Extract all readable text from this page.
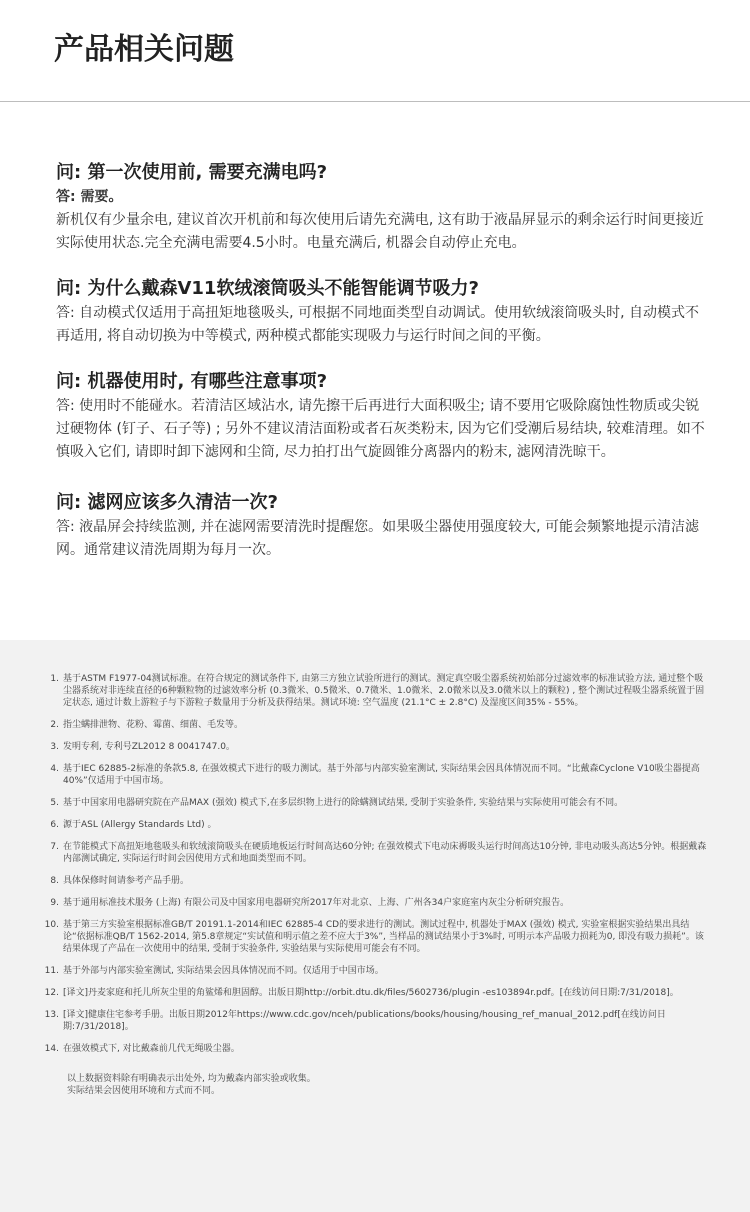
产品相关问题

问: 第一次使用前, 需要充满电吗?

答: 需要。

新机仅有少量余电, 建议首次开机前和每次使用后请先充满电, 这有助于液晶屏显示的剩余运行时间更接近实际使用状态.完全充满电需要4.5小时。电量充满后, 机器会自动停止充电。

问: 为什么戴森V11软绒滚筒吸头不能智能调节吸力?

答: 自动模式仅适用于高扭矩地毯吸头, 可根据不同地面类型自动调试。使用软绒滚筒吸头时, 自动模式不再适用, 将自动切换为中等模式, 两种模式都能实现吸力与运行时间之间的平衡。

问: 机器使用时, 有哪些注意事项?

答: 使用时不能碰水。若清洁区域沾水, 请先擦干后再进行大面积吸尘; 请不要用它吸除腐蚀性物质或尖锐过硬物体 (钉子、石子等) ; 另外不建议清洁面粉或者石灰类粉末, 因为它们受潮后易结块, 较难清理。如不慎吸入它们, 请即时卸下滤网和尘筒, 尽力拍打出气旋圆锥分离器内的粉末, 滤网清洗晾干。

问: 滤网应该多久清洁一次?

答: 液晶屏会持续监测, 并在滤网需要清洗时提醒您。如果吸尘器使用强度较大, 可能会频繁地提示清洁滤网。通常建议清洗周期为每月一次。

1. 基于ASTM F1977-04测试标准。在符合规定的测试条件下, 由第三方独立试验所进行的测试。测定真空吸尘器系统初始部分过滤效率的标准试验方法, 通过整个吸尘器系统对非连续直径的6种颗粒物的过滤效率分析 (0.3微米、0.5微米、0.7微米、1.0微米、2.0微米以及3.0微米以上的颗粒) , 整个测试过程吸尘器系统置于固定状态, 通过计数上游粒子与下游粒子数量用于分析及获得结果。测试环境: 空气温度 (21.1°C ± 2.8°C) 及湿度区间35% - 55%。
2. 指尘螨排泄物、花粉、霉菌、细菌、毛发等。
3. 发明专利, 专利号ZL2012 8 0041747.0。
4. 基于IEC 62885-2标准的条款5.8, 在强效模式下进行的吸力测试。基于外部与内部实验室测试, 实际结果会因具体情况而不同。“比戴森Cyclone V10吸尘器提高40%”仅适用于中国市场。
5. 基于中国家用电器研究院在产品MAX (强效) 模式下,在多层织物上进行的除螨测试结果, 受制于实验条件, 实验结果与实际使用可能会有不同。
6. 源于ASL (Allergy Standards Ltd) 。
7. 在节能模式下高扭矩地毯吸头和软绒滚筒吸头在硬质地板运行时间高达60分钟; 在强效模式下电动床褥吸头运行时间高达10分钟, 非电动吸头高达5分钟。根据戴森内部测试确定, 实际运行时间会因使用方式和地面类型而不同。
8. 具体保修时间请参考产品手册。
9. 基于通用标准技术服务 (上海) 有限公司及中国家用电器研究所2017年对北京、上海、广州各34户家庭室内灰尘分析研究报告。
10. 基于第三方实验室根据标准GB/T 20191.1-2014和IEC 62885-4 CD的要求进行的测试。测试过程中, 机器处于MAX (强效) 模式, 实验室根据实验结果出具结论“依据标准QB/T 1562-2014, 第5.8章规定“实试值和明示值之差不应大于3%”, 当样品的测试结果小于3%时, 可明示本产品吸力损耗为0, 即没有吸力损耗”。该结果体现了产品在一次使用中的结果, 受制于实验条件, 实验结果与实际使用可能会有不同。
11. 基于外部与内部实验室测试, 实际结果会因具体情况而不同。仅适用于中国市场。
12. [译文]丹麦家庭和托儿所灰尘里的角鲨烯和胆固醇。出版日期http://orbit.dtu.dk/files/5602736/plugin -es103894r.pdf。[在线访问日期:7/31/2018]。
13. [译文]健康住宅参考手册。出版日期2012年https://www.cdc.gov/nceh/publications/books/housing/housing_ref_manual_2012.pdf[在线访问日期:7/31/2018]。
14. 在强效模式下, 对比戴森前几代无绳吸尘器。
以上数据资料除有明确表示出处外, 均为戴森内部实验或收集。
实际结果会因使用环境和方式而不同。
